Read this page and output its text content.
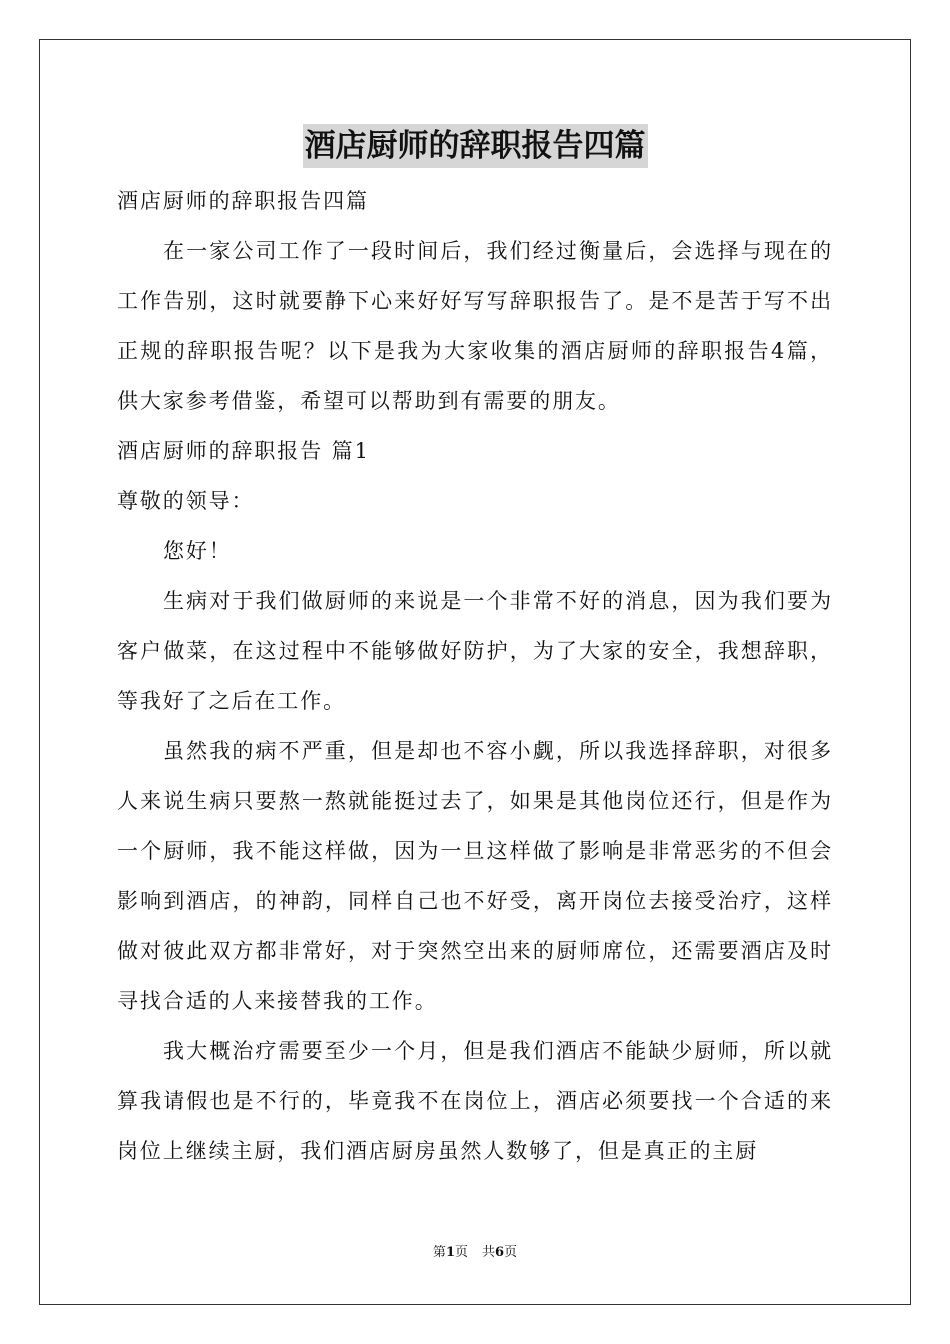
酒店厨师的辞职报告四篇

酒店厨师的辞职报告四篇

在一家公司工作了一段时间后，我们经过衡量后，会选择与现在的工作告别，这时就要静下心来好好写写辞职报告了。是不是苦于写不出正规的辞职报告呢？以下是我为大家收集的酒店厨师的辞职报告4篇，供大家参考借鉴，希望可以帮助到有需要的朋友。

酒店厨师的辞职报告 篇1

尊敬的领导：

您好！

生病对于我们做厨师的来说是一个非常不好的消息，因为我们要为客户做菜，在这过程中不能够做好防护，为了大家的安全，我想辞职，等我好了之后在工作。

虽然我的病不严重，但是却也不容小觑，所以我选择辞职，对很多人来说生病只要熬一熬就能挺过去了，如果是其他岗位还行，但是作为一个厨师，我不能这样做，因为一旦这样做了影响是非常恶劣的不但会影响到酒店，的神韵，同样自己也不好受，离开岗位去接受治疗，这样做对彼此双方都非常好，对于突然空出来的厨师席位，还需要酒店及时寻找合适的人来接替我的工作。

我大概治疗需要至少一个月，但是我们酒店不能缺少厨师，所以就算我请假也是不行的，毕竟我不在岗位上，酒店必须要找一个合适的来岗位上继续主厨，我们酒店厨房虽然人数够了，但是真正的主厨

第1页 共6页
